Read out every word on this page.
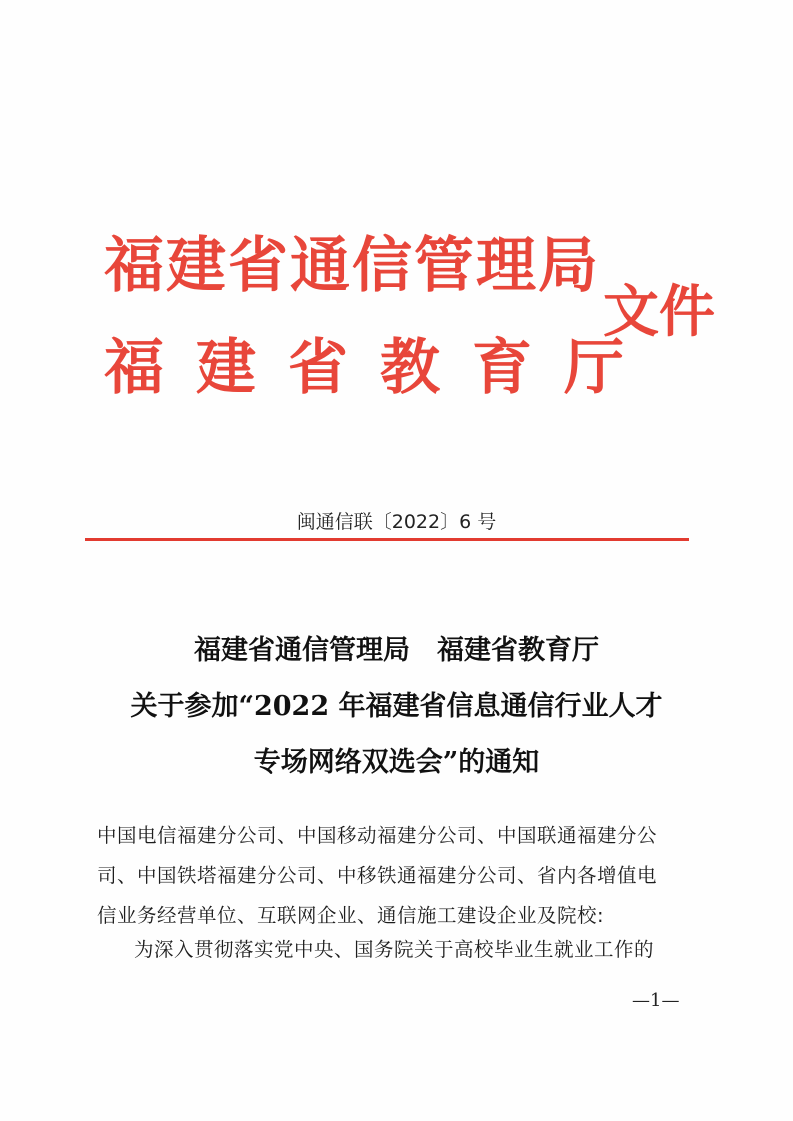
福建省通信管理局
福建省教育厅
文件
闽通信联〔2022〕6 号
福建省通信管理局　福建省教育厅
关于参加“2022 年福建省信息通信行业人才
专场网络双选会”的通知
中国电信福建分公司、中国移动福建分公司、中国联通福建分公
司、中国铁塔福建分公司、中移铁通福建分公司、省内各增值电
信业务经营单位、互联网企业、通信施工建设企业及院校:
为深入贯彻落实党中央、国务院关于高校毕业生就业工作的
—1—
